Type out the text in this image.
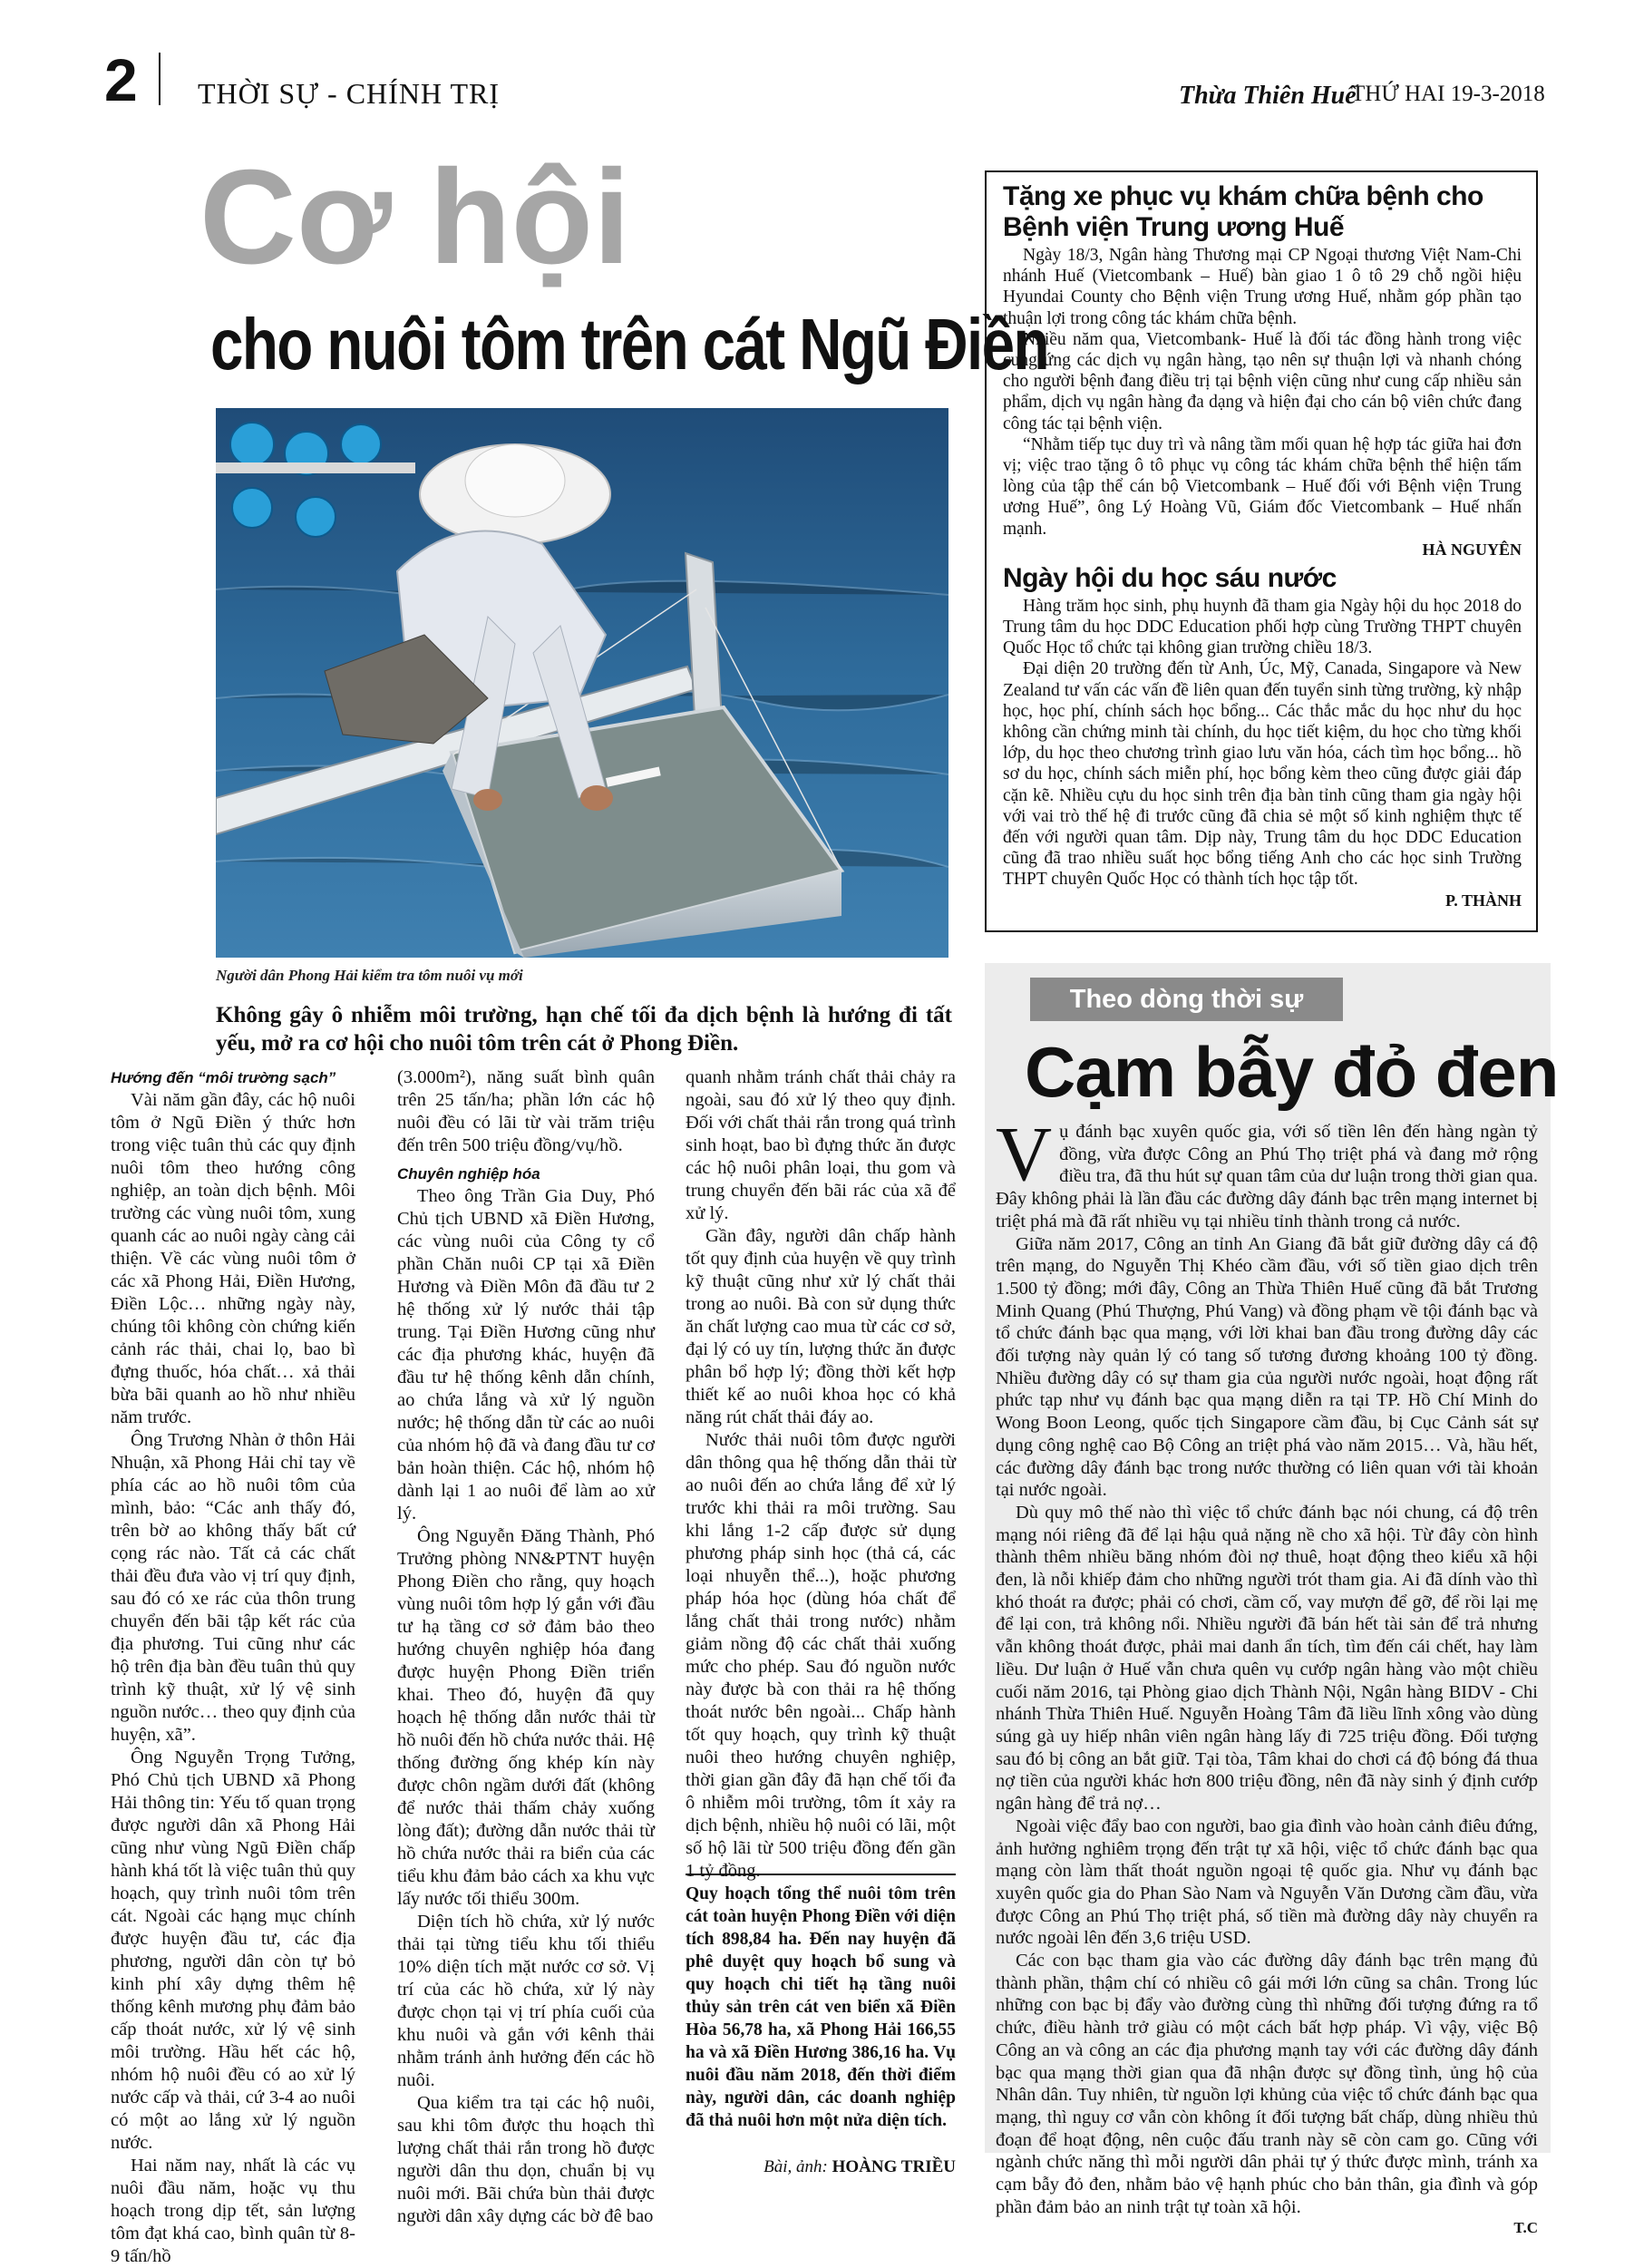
2 THỜI SỰ - CHÍNH TRỊ	Thừa Thiên Huế
THỨ HAI 19-3-2018
Cơ hội
cho nuôi tôm trên cát Ngũ Điền
Người dân Phong Hải kiểm tra tôm nuôi vụ mới
Không gây ô nhiễm môi trường, hạn chế tối đa dịch bệnh là hướng đi tất yếu, mở ra cơ hội cho nuôi tôm trên cát ở Phong Điền.

Hướng đến “môi trường sạch”

Vài năm gần đây, các hộ nuôi tôm ở Ngũ Điền ý thức hơn trong việc tuân thủ các quy định nuôi tôm theo hướng công nghiệp, an toàn dịch bệnh. Môi trường các vùng nuôi tôm, xung quanh các ao nuôi ngày càng cải thiện. Về các vùng nuôi tôm ở các xã Phong Hải, Điền Hương, Điền Lộc… những ngày này, chúng tôi không còn chứng kiến cảnh rác thải, chai lọ, bao bì đựng thuốc, hóa chất… xả thải bừa bãi quanh ao hồ như nhiều năm trước.

Ông Trương Nhàn ở thôn Hải Nhuận, xã Phong Hải chỉ tay về phía các ao hồ nuôi tôm của mình, bảo: “Các anh thấy đó, trên bờ ao không thấy bất cứ cọng rác nào. Tất cả các chất thải đều đưa vào vị trí quy định, sau đó có xe rác của thôn trung chuyển đến bãi tập kết rác của địa phương. Tui cũng như các hộ trên địa bàn đều tuân thủ quy trình kỹ thuật, xử lý vệ sinh nguồn nước… theo quy định của huyện, xã”.

Ông Nguyễn Trọng Tưởng, Phó Chủ tịch UBND xã Phong Hải thông tin: Yếu tố quan trọng được người dân xã Phong Hải cũng như vùng Ngũ Điền chấp hành khá tốt là việc tuân thủ quy hoạch, quy trình nuôi tôm trên cát. Ngoài các hạng mục chính được huyện đầu tư, các địa phương, người dân còn tự bỏ kinh phí xây dựng thêm hệ thống kênh mương phụ đảm bảo cấp thoát nước, xử lý vệ sinh môi trường. Hầu hết các hộ, nhóm hộ nuôi đều có ao xử lý nước cấp và thải, cứ 3-4 ao nuôi có một ao lắng xử lý nguồn nước.

Hai năm nay, nhất là các vụ nuôi đầu năm, hoặc vụ thu hoạch trong dịp tết, sản lượng tôm đạt khá cao, bình quân từ 8-9 tấn/hồ

(3.000m²), năng suất bình quân trên 25 tấn/ha; phần lớn các hộ nuôi đều có lãi từ vài trăm triệu đến trên 500 triệu đồng/vụ/hồ.

Chuyên nghiệp hóa

Theo ông Trần Gia Duy, Phó Chủ tịch UBND xã Điền Hương, các vùng nuôi của Công ty cổ phần Chăn nuôi CP tại xã Điền Hương và Điền Môn đã đầu tư 2 hệ thống xử lý nước thải tập trung. Tại Điền Hương cũng như các địa phương khác, huyện đã đầu tư hệ thống kênh dẫn chính, ao chứa lắng và xử lý nguồn nước; hệ thống dẫn từ các ao nuôi của nhóm hộ đã và đang đầu tư cơ bản hoàn thiện. Các hộ, nhóm hộ dành lại 1 ao nuôi để làm ao xử lý.

Ông Nguyễn Đăng Thành, Phó Trưởng phòng NN&PTNT huyện Phong Điền cho rằng, quy hoạch vùng nuôi tôm hợp lý gắn với đầu tư hạ tầng cơ sở đảm bảo theo hướng chuyên nghiệp hóa đang được huyện Phong Điền triển khai. Theo đó, huyện đã quy hoạch hệ thống dẫn nước thải từ hồ nuôi đến hồ chứa nước thải. Hệ thống đường ống khép kín này được chôn ngầm dưới đất (không để nước thải thấm chảy xuống lòng đất); đường dẫn nước thải từ hồ chứa nước thải ra biển của các tiểu khu đảm bảo cách xa khu vực lấy nước tối thiểu 300m.

Diện tích hồ chứa, xử lý nước thải tại từng tiểu khu tối thiểu 10% diện tích mặt nước cơ sở. Vị trí của các hồ chứa, xử lý này được chọn tại vị trí phía cuối của khu nuôi và gắn với kênh thải nhằm tránh ảnh hưởng đến các hồ nuôi.

Qua kiểm tra tại các hộ nuôi, sau khi tôm được thu hoạch thì lượng chất thải rắn trong hồ được người dân thu dọn, chuẩn bị vụ nuôi mới. Bãi chứa bùn thải được người dân xây dựng các bờ đê bao

quanh nhằm tránh chất thải chảy ra ngoài, sau đó xử lý theo quy định. Đối với chất thải rắn trong quá trình sinh hoạt, bao bì đựng thức ăn được các hộ nuôi phân loại, thu gom và trung chuyển đến bãi rác của xã để xử lý.

Gần đây, người dân chấp hành tốt quy định của huyện về quy trình kỹ thuật cũng như xử lý chất thải trong ao nuôi. Bà con sử dụng thức ăn chất lượng cao mua từ các cơ sở, đại lý có uy tín, lượng thức ăn được phân bổ hợp lý; đồng thời kết hợp thiết kế ao nuôi khoa học có khả năng rút chất thải đáy ao.

Nước thải nuôi tôm được người dân thông qua hệ thống dẫn thải từ ao nuôi đến ao chứa lắng để xử lý trước khi thải ra môi trường. Sau khi lắng 1-2 cấp được sử dụng phương pháp sinh học (thả cá, các loại nhuyễn thể...), hoặc phương pháp hóa học (dùng hóa chất để lắng chất thải trong nước) nhằm giảm nồng độ các chất thải xuống mức cho phép. Sau đó nguồn nước này được bà con thải ra hệ thống thoát nước bên ngoài... Chấp hành tốt quy hoạch, quy trình kỹ thuật nuôi theo hướng chuyên nghiệp, thời gian gần đây đã hạn chế tối đa ô nhiễm môi trường, tôm ít xảy ra dịch bệnh, nhiều hộ nuôi có lãi, một số hộ lãi từ 500 triệu đồng đến gần 1 tỷ đồng.

Quy hoạch tổng thể nuôi tôm trên cát toàn huyện Phong Điền với diện tích 898,84 ha. Đến nay huyện đã phê duyệt quy hoạch bổ sung và quy hoạch chi tiết hạ tầng nuôi thủy sản trên cát ven biển xã Điền Hòa 56,78 ha, xã Phong Hải 166,55 ha và xã Điền Hương 386,16 ha. Vụ nuôi đầu năm 2018, đến thời điểm này, người dân, các doanh nghiệp đã thả nuôi hơn một nửa diện tích.
Bài, ảnh: HOÀNG TRIỀU
Tặng xe phục vụ khám chữa bệnh cho Bệnh viện Trung ương Huế

Ngày 18/3, Ngân hàng Thương mại CP Ngoại thương Việt Nam-Chi nhánh Huế (Vietcombank – Huế) bàn giao 1 ô tô 29 chỗ ngồi hiệu Hyundai County cho Bệnh viện Trung ương Huế, nhằm góp phần tạo thuận lợi trong công tác khám chữa bệnh.

Nhiều năm qua, Vietcombank- Huế là đối tác đồng hành trong việc cung ứng các dịch vụ ngân hàng, tạo nên sự thuận lợi và nhanh chóng cho người bệnh đang điều trị tại bệnh viện cũng như cung cấp nhiều sản phẩm, dịch vụ ngân hàng đa dạng và hiện đại cho cán bộ viên chức đang công tác tại bệnh viện.

“Nhằm tiếp tục duy trì và nâng tầm mối quan hệ hợp tác giữa hai đơn vị; việc trao tặng ô tô phục vụ công tác khám chữa bệnh thể hiện tấm lòng của tập thể cán bộ Vietcombank – Huế đối với Bệnh viện Trung ương Huế”, ông Lý Hoàng Vũ, Giám đốc Vietcombank – Huế nhấn mạnh.

HÀ NGUYÊN

Ngày hội du học sáu nước

Hàng trăm học sinh, phụ huynh đã tham gia Ngày hội du học 2018 do Trung tâm du học DDC Education phối hợp cùng Trường THPT chuyên Quốc Học tổ chức tại không gian trường chiều 18/3.

Đại diện 20 trường đến từ Anh, Úc, Mỹ, Canada, Singapore và New Zealand tư vấn các vấn đề liên quan đến tuyển sinh từng trường, kỳ nhập học, học phí, chính sách học bổng... Các thắc mắc du học như du học không cần chứng minh tài chính, du học tiết kiệm, du học cho từng khối lớp, du học theo chương trình giao lưu văn hóa, cách tìm học bổng... hồ sơ du học, chính sách miễn phí, học bổng kèm theo cũng được giải đáp cặn kẽ. Nhiều cựu du học sinh trên địa bàn tỉnh cũng tham gia ngày hội với vai trò thế hệ đi trước cũng đã chia sẻ một số kinh nghiệm thực tế đến với người quan tâm. Dịp này, Trung tâm du học DDC Education cũng đã trao nhiều suất học bổng tiếng Anh cho các học sinh Trường THPT chuyên Quốc Học có thành tích học tập tốt.

P. THÀNH

Theo dòng thời sự
Cạm bẫy đỏ đen

Vụ đánh bạc xuyên quốc gia, với số tiền lên đến hàng ngàn tỷ đồng, vừa được Công an Phú Thọ triệt phá và đang mở rộng điều tra, đã thu hút sự quan tâm của dư luận trong thời gian qua. Đây không phải là lần đầu các đường dây đánh bạc trên mạng internet bị triệt phá mà đã rất nhiều vụ tại nhiều tỉnh thành trong cả nước.

Giữa năm 2017, Công an tỉnh An Giang đã bắt giữ đường dây cá độ trên mạng, do Nguyễn Thị Khéo cầm đầu, với số tiền giao dịch trên 1.500 tỷ đồng; mới đây, Công an Thừa Thiên Huế cũng đã bắt Trương Minh Quang (Phú Thượng, Phú Vang) và đồng phạm về tội đánh bạc và tổ chức đánh bạc qua mạng, với lời khai ban đầu trong đường dây các đối tượng này quản lý có tang số tương đương khoảng 100 tỷ đồng. Nhiều đường dây có sự tham gia của người nước ngoài, hoạt động rất phức tạp như vụ đánh bạc qua mạng diễn ra tại TP. Hồ Chí Minh do Wong Boon Leong, quốc tịch Singapore cầm đầu, bị Cục Cảnh sát sự dụng công nghệ cao Bộ Công an triệt phá vào năm 2015… Và, hầu hết, các đường dây đánh bạc trong nước thường có liên quan với tài khoản tại nước ngoài.

Dù quy mô thế nào thì việc tổ chức đánh bạc nói chung, cá độ trên mạng nói riêng đã để lại hậu quả nặng nề cho xã hội. Từ đây còn hình thành thêm nhiều băng nhóm đòi nợ thuê, hoạt động theo kiểu xã hội đen, là nỗi khiếp đảm cho những người trót tham gia. Ai đã dính vào thì khó thoát ra được; phải có chơi, cầm cố, vay mượn để gỡ, để rồi lại mẹ để lại con, trả không nổi. Nhiều người đã bán hết tài sản để trả nhưng vẫn không thoát được, phải mai danh ẩn tích, tìm đến cái chết, hay làm liều. Dư luận ở Huế vẫn chưa quên vụ cướp ngân hàng vào một chiều cuối năm 2016, tại Phòng giao dịch Thành Nội, Ngân hàng BIDV - Chi nhánh Thừa Thiên Huế. Nguyễn Hoàng Tâm đã liều lĩnh xông vào dùng súng gà uy hiếp nhân viên ngân hàng lấy đi 725 triệu đồng. Đối tượng sau đó bị công an bắt giữ. Tại tòa, Tâm khai do chơi cá độ bóng đá thua nợ tiền của người khác hơn 800 triệu đồng, nên đã này sinh ý định cướp ngân hàng để trả nợ…

Ngoài việc đẩy bao con người, bao gia đình vào hoàn cảnh điêu đứng, ảnh hưởng nghiêm trọng đến trật tự xã hội, việc tổ chức đánh bạc qua mạng còn làm thất thoát nguồn ngoại tệ quốc gia. Như vụ đánh bạc xuyên quốc gia do Phan Sào Nam và Nguyễn Văn Dương cầm đầu, vừa được Công an Phú Thọ triệt phá, số tiền mà đường dây này chuyển ra nước ngoài lên đến 3,6 triệu USD.

Các con bạc tham gia vào các đường dây đánh bạc trên mạng đủ thành phần, thậm chí có nhiều cô gái mới lớn cũng sa chân. Trong lúc những con bạc bị đẩy vào đường cùng thì những đối tượng đứng ra tổ chức, điều hành trở giàu có một cách bất hợp pháp. Vì vậy, việc Bộ Công an và công an các địa phương mạnh tay với các đường dây đánh bạc qua mạng thời gian qua đã nhận được sự đồng tình, ủng hộ của Nhân dân. Tuy nhiên, từ nguồn lợi khủng của việc tổ chức đánh bạc qua mạng, thì nguy cơ vẫn còn không ít đối tượng bất chấp, dùng nhiều thủ đoạn để hoạt động, nên cuộc đấu tranh này sẽ còn cam go. Cũng với ngành chức năng thì mỗi người dân phải tự ý thức được mình, tránh xa cạm bẫy đỏ đen, nhằm bảo vệ hạnh phúc cho bản thân, gia đình và góp phần đảm bảo an ninh trật tự toàn xã hội.

T.C
